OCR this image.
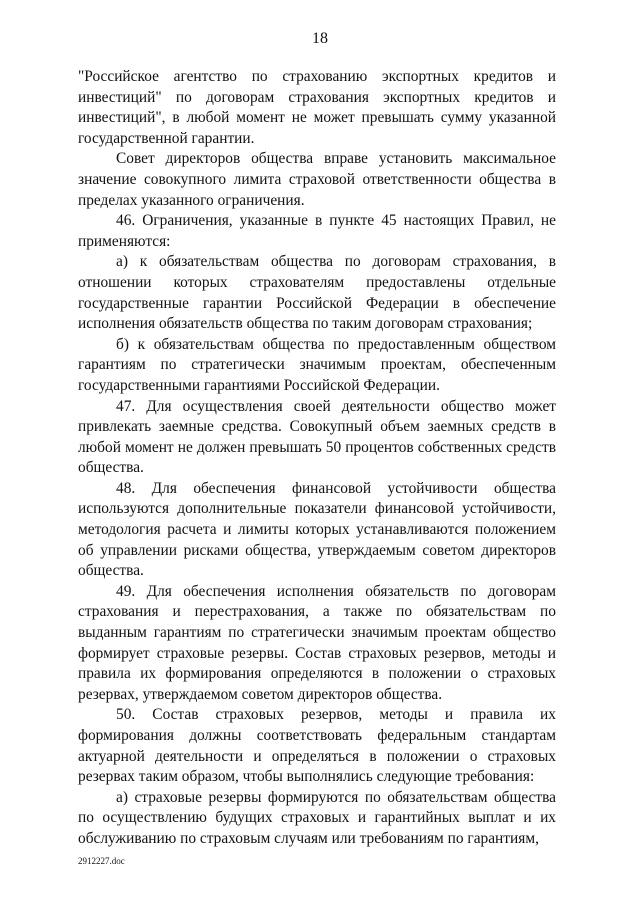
18

"Российское агентство по страхованию экспортных кредитов и инвестиций" по договорам страхования экспортных кредитов и инвестиций", в любой момент не может превышать сумму указанной государственной гарантии.

Совет директоров общества вправе установить максимальное значение совокупного лимита страховой ответственности общества в пределах указанного ограничения.

46. Ограничения, указанные в пункте 45 настоящих Правил, не применяются:

а) к обязательствам общества по договорам страхования, в отношении которых страхователям предоставлены отдельные государственные гарантии Российской Федерации в обеспечение исполнения обязательств общества по таким договорам страхования;

б) к обязательствам общества по предоставленным обществом гарантиям по стратегически значимым проектам, обеспеченным государственными гарантиями Российской Федерации.

47. Для осуществления своей деятельности общество может привлекать заемные средства. Совокупный объем заемных средств в любой момент не должен превышать 50 процентов собственных средств общества.

48. Для обеспечения финансовой устойчивости общества используются дополнительные показатели финансовой устойчивости, методология расчета и лимиты которых устанавливаются положением об управлении рисками общества, утверждаемым советом директоров общества.

49. Для обеспечения исполнения обязательств по договорам страхования и перестрахования, а также по обязательствам по выданным гарантиям по стратегически значимым проектам общество формирует страховые резервы. Состав страховых резервов, методы и правила их формирования определяются в положении о страховых резервах, утверждаемом советом директоров общества.

50. Состав страховых резервов, методы и правила их формирования должны соответствовать федеральным стандартам актуарной деятельности и определяться в положении о страховых резервах таким образом, чтобы выполнялись следующие требования:

а) страховые резервы формируются по обязательствам общества по осуществлению будущих страховых и гарантийных выплат и их обслуживанию по страховым случаям или требованиям по гарантиям,

2912227.doc
